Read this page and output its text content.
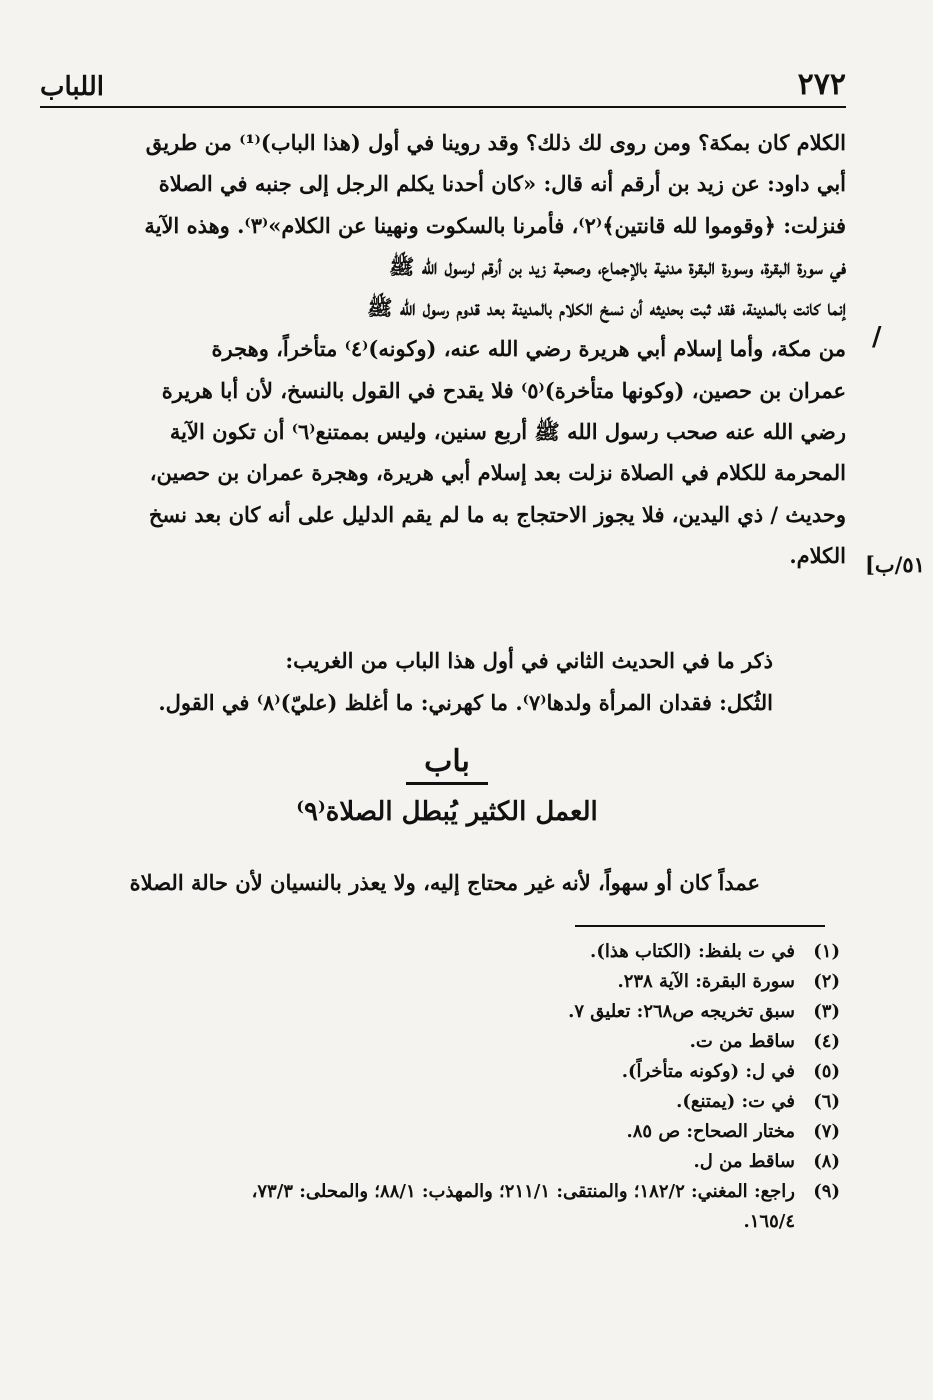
٢٧٢
اللباب

الكلام كان بمكة؟ ومن روى لك ذلك؟ وقد روينا في أول (هذا الباب)⁽¹⁾ من طريق

أبي داود: عن زيد بن أرقم أنه قال: «كان أحدنا يكلم الرجل إلى جنبه في الصلاة

فنزلت: ﴿وقوموا لله قانتين﴾⁽٢⁾، فأمرنا بالسكوت ونهينا عن الكلام»⁽٣⁾. وهذه الآية

في سورة البقرة، وسورة البقرة مدنية بالإجماع، وصحبة زيد بن أرقم لرسول الله ﷺ

إنما كانت بالمدينة، فقد ثبت بحديثه أن نسخ الكلام بالمدينة بعد قدوم رسول الله ﷺ

من مكة، وأما إسلام أبي هريرة رضي الله عنه، (وكونه)⁽٤⁾ متأخراً، وهجرة

عمران بن حصين، (وكونها متأخرة)⁽٥⁾ فلا يقدح في القول بالنسخ، لأن أبا هريرة

رضي الله عنه صحب رسول الله ﷺ أربع سنين، وليس بممتنع⁽٦⁾ أن تكون الآية

المحرمة للكلام في الصلاة نزلت بعد إسلام أبي هريرة، وهجرة عمران بن حصين،

وحديث / ذي اليدين، فلا يجوز الاحتجاج به ما لم يقم الدليل على أنه كان بعد نسخ

الكلام.

/
٥١/ب]

ذكر ما في الحديث الثاني في أول هذا الباب من الغريب:

الثُكل: فقدان المرأة ولدها⁽٧⁾. ما كهرني: ما أغلظ (عليّ)⁽٨⁾ في القول.

باب
العمل الكثير يُبطل الصلاة⁽٩⁾
عمداً كان أو سهواً، لأنه غير محتاج إليه، ولا يعذر بالنسيان لأن حالة الصلاة
(١)
في ت بلفظ: (الكتاب هذا).
(٢)
سورة البقرة: الآية ٢٣٨.
(٣)
سبق تخريجه ص٢٦٨: تعليق ٧.
(٤)
ساقط من ت.
(٥)
في ل: (وكونه متأخراً).
(٦)
في ت: (يمتنع).
(٧)
مختار الصحاح: ص ٨٥.
(٨)
ساقط من ل.
(٩)
راجع: المغني: ١٨٢/٢؛ والمنتقى: ٢١١/١؛ والمهذب: ٨٨/١؛ والمحلى: ٧٣/٣،
١٦٥/٤.
